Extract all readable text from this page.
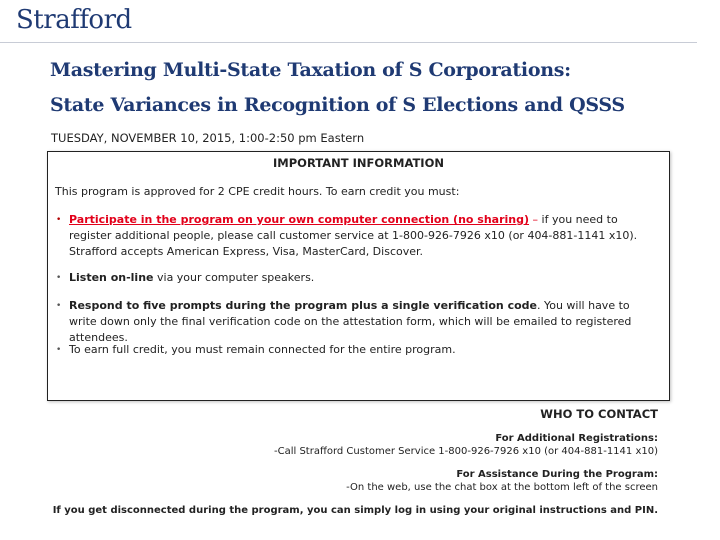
Strafford
Mastering Multi-State Taxation of S Corporations:
State Variances in Recognition of S Elections and QSSS
TUESDAY, NOVEMBER 10, 2015, 1:00-2:50 pm Eastern
IMPORTANT INFORMATION
This program is approved for 2 CPE credit hours. To earn credit you must:
• Participate in the program on your own computer connection (no sharing) – if you need to register additional people, please call customer service at 1-800-926-7926 x10 (or 404-881-1141 x10). Strafford accepts American Express, Visa, MasterCard, Discover.
• Listen on-line via your computer speakers.
• Respond to five prompts during the program plus a single verification code. You will have to write down only the final verification code on the attestation form, which will be emailed to registered attendees.
• To earn full credit, you must remain connected for the entire program.
WHO TO CONTACT
For Additional Registrations:
-Call Strafford Customer Service 1-800-926-7926 x10 (or 404-881-1141 x10)
For Assistance During the Program:
-On the web, use the chat box at the bottom left of the screen
If you get disconnected during the program, you can simply log in using your original instructions and PIN.
